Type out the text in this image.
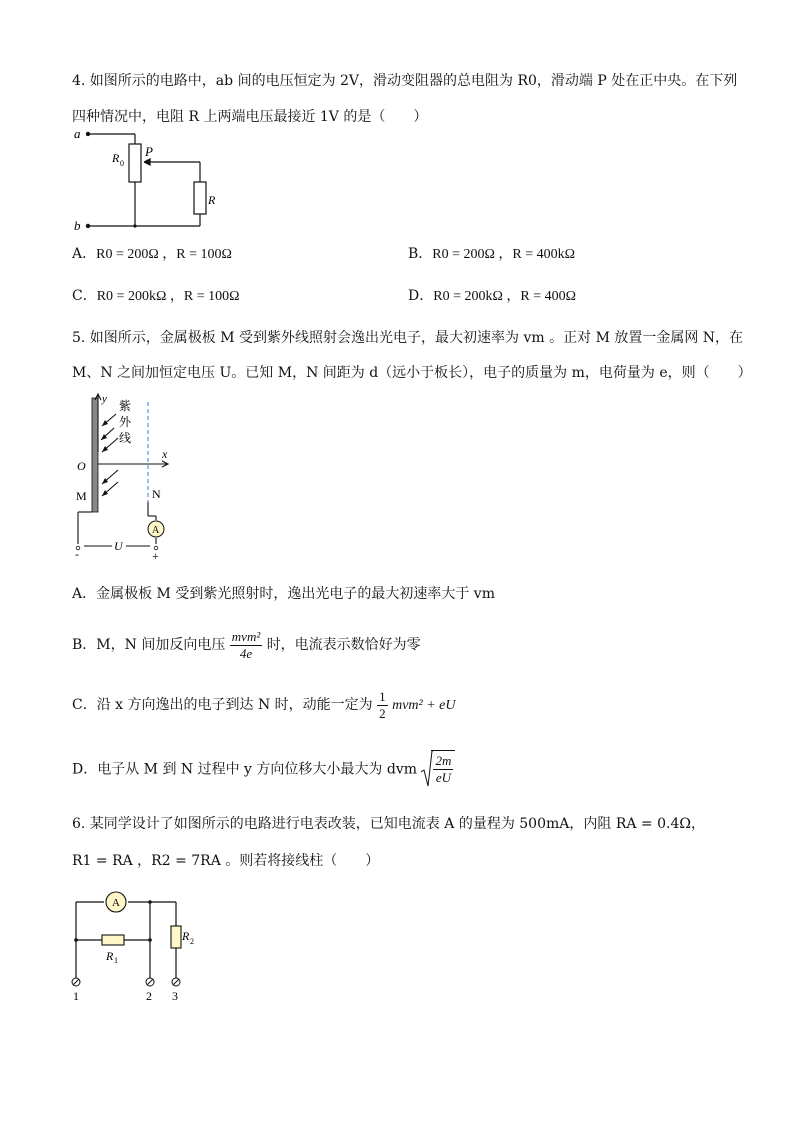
4. 如图所示的电路中，ab 间的电压恒定为 2V，滑动变阻器的总电阻为 R0，滑动端 P 处在正中央。在下列
四种情况中，电阻 R 上两端电压最接近 1V 的是（　　）
a
b
R 0
P
R
A．R0 = 200Ω ，R = 100Ω	B．R0 = 200Ω ，R = 400kΩ
C．R0 = 200kΩ ，R = 100Ω	D．R0 = 200kΩ ，R = 400Ω
5. 如图所示，金属极板 M 受到紫外线照射会逸出光电子，最大初速率为 vm 。正对 M 放置一金属网 N，在
M、N 之间加恒定电压 U。已知 M，N 间距为 d（远小于板长），电子的质量为 m，电荷量为 e，则（　　）
y
x
O
M	N
A
U
-	+
紫
外
线
A．金属极板 M 受到紫光照射时，逸出光电子的最大初速率大于 vm
B．M，N 间加反向电压 $\frac{\text{mvm²}}{4e}$ 时，电流表示数恰好为零
C．沿 x 方向逸出的电子到达 N 时，动能一定为 $\frac{1}{2} mvm^2$ + eU
D．电子从 M 到 N 过程中 y 方向位移大小最大为 dvm $\frac{2m}{eU}$
6. 某同学设计了如图所示的电路进行电表改装，已知电流表 A 的量程为 500mA，内阻 RA = 0.4Ω，
R1 = RA ，R2 = 7RA 。则若将接线柱（　　）
A
R 1
R 2
1	2 3
